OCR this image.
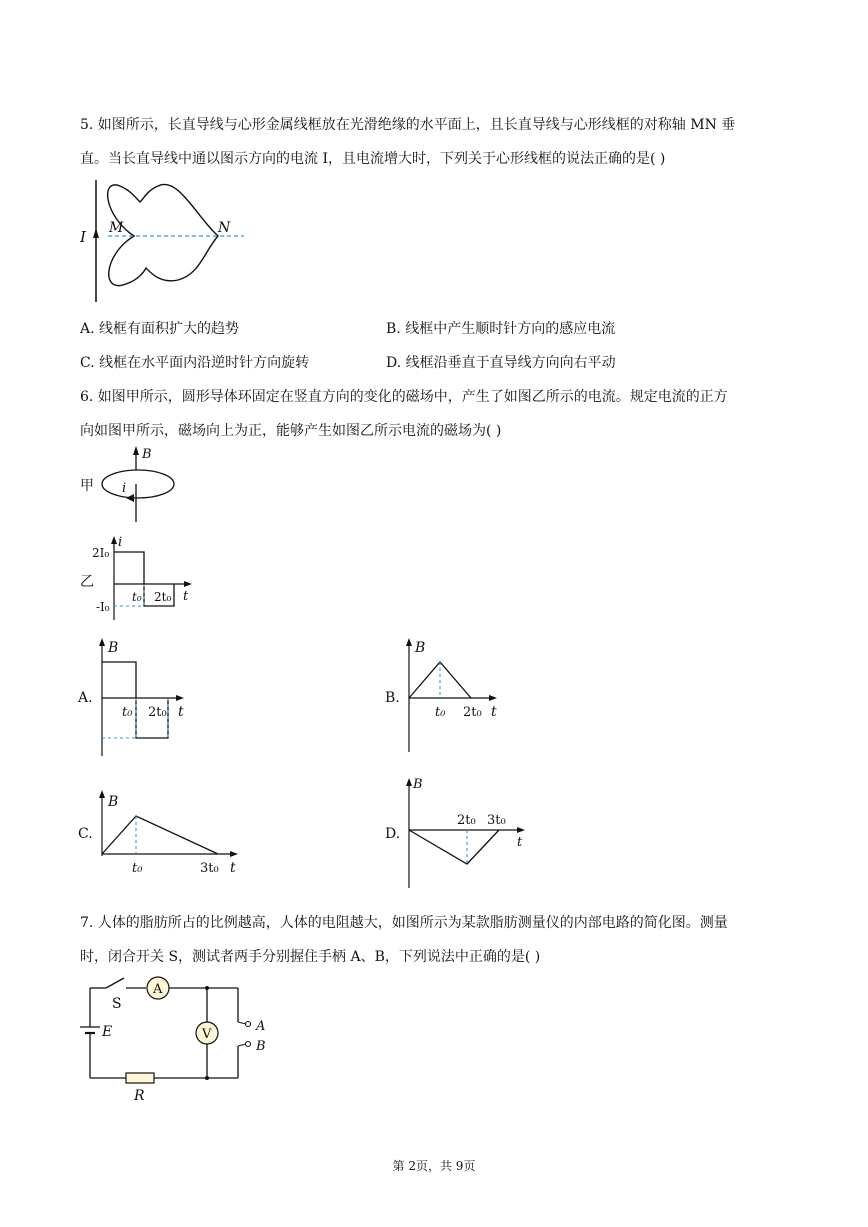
5. 如图所示，长直导线与心形金属线框放在光滑绝缘的水平面上，且长直导线与心形线框的对称轴 MN 垂
直。当长直导线中通以图示方向的电流 I，且电流增大时，下列关于心形线框的说法正确的是( )
I M	N
A. 线框有面积扩大的趋势	B. 线框中产生顺时针方向的感应电流
C. 线框在水平面内沿逆时针方向旋转	D. 线框沿垂直于直导线方向向右平动
6. 如图甲所示，圆形导体环固定在竖直方向的变化的磁场中，产生了如图乙所示的电流。规定电流的正方
向如图甲所示，磁场向上为正，能够产生如图乙所示电流的磁场为( )
甲
B
i
乙
i
t
2I₀
-I₀
t₀ 2t₀
A.
B
t
t₀ 2t₀
B.
B
t
t₀ 2t₀
C.
B
t
t₀	3t₀
D.
B
t
2t₀ 3t₀
7. 人体的脂肪所占的比例越高，人体的电阻越大，如图所示为某款脂肪测量仪的内部电路的简化图。测量
时，闭合开关 S，测试者两手分别握住手柄 A、B，下列说法中正确的是( )
S
A
E
R
V
A
B
第 2页，共 9页
